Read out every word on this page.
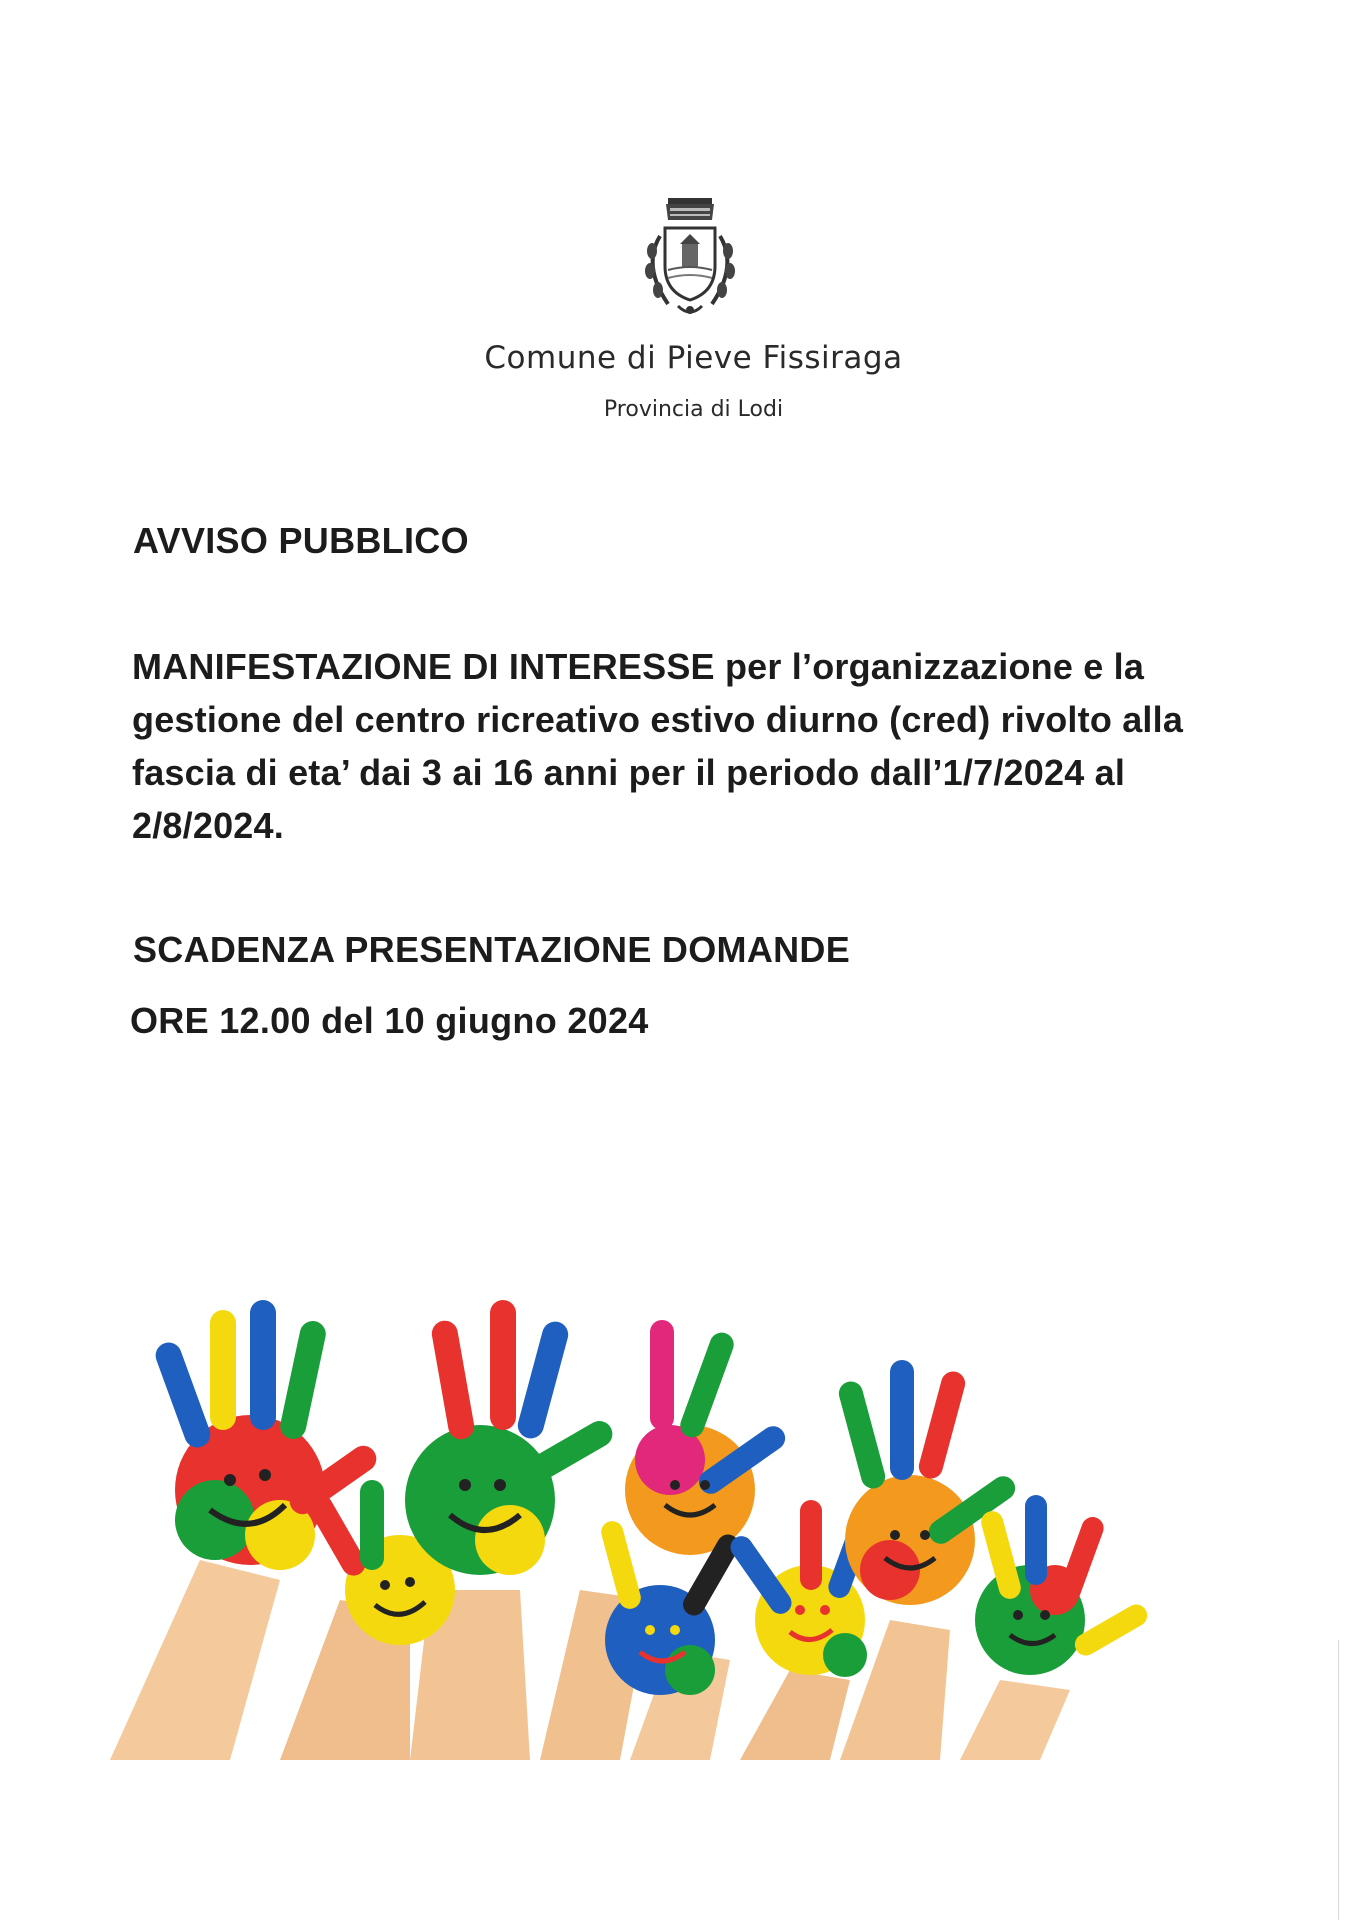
Comune di Pieve Fissiraga
Provincia di Lodi
AVVISO PUBBLICO
MANIFESTAZIONE DI INTERESSE per l’organizzazione e la gestione del centro ricreativo estivo diurno (cred) rivolto alla fascia di eta’ dai 3 ai 16 anni per il periodo dall’1/7/2024 al 2/8/2024.
SCADENZA PRESENTAZIONE DOMANDE
ORE 12.00 del 10 giugno 2024
